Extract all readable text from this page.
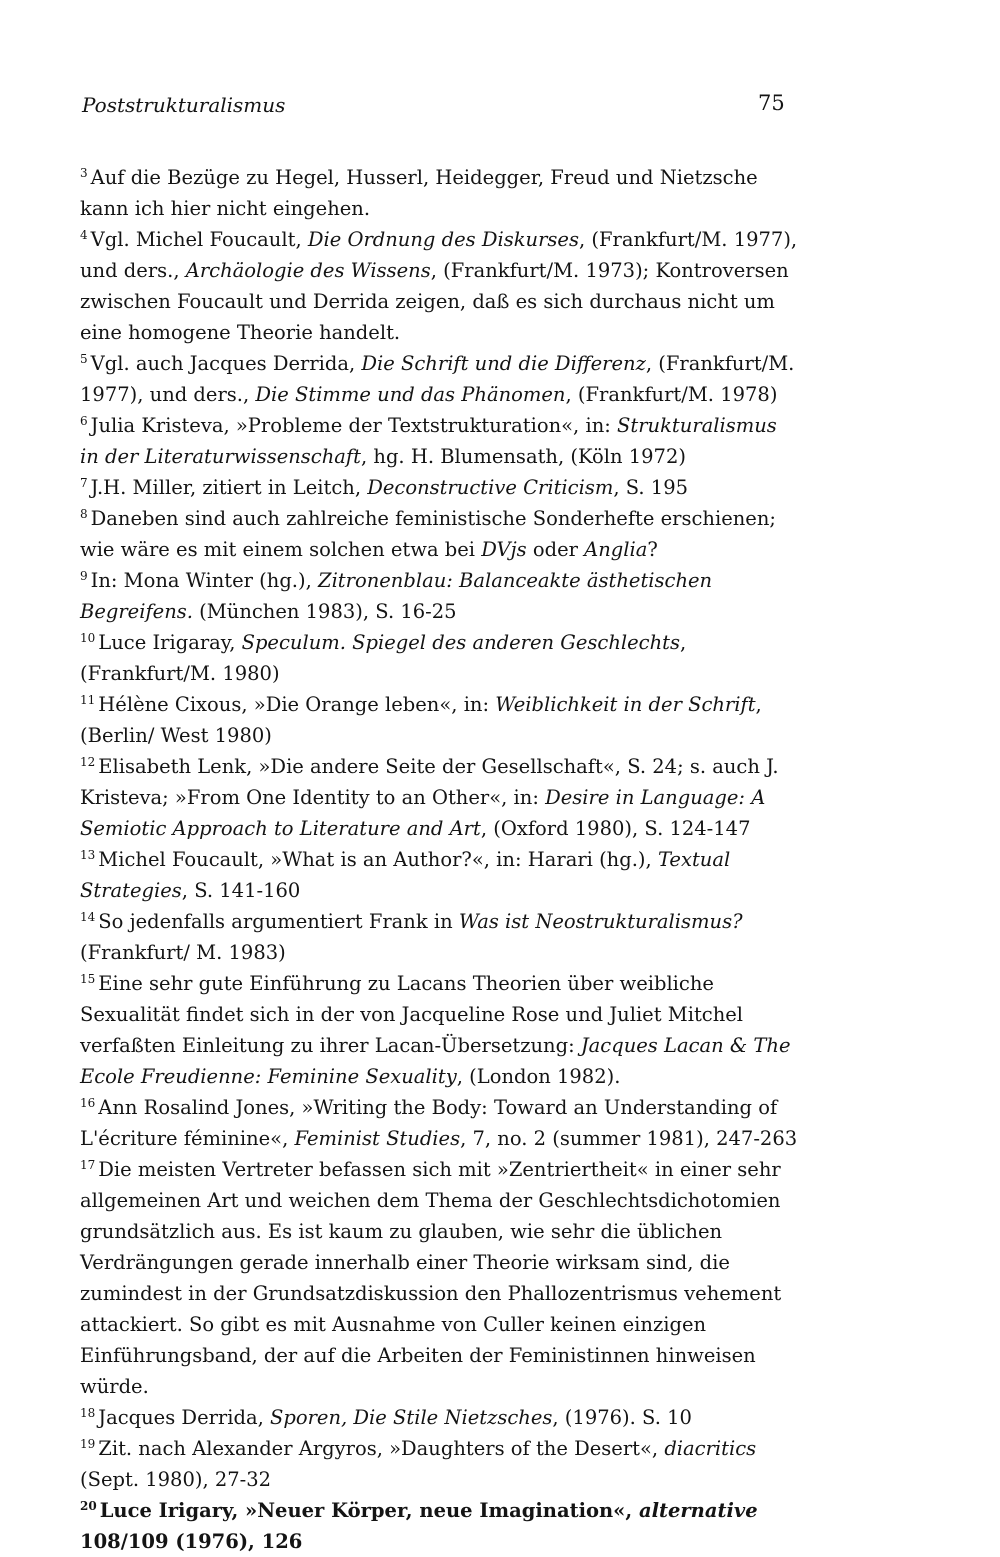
Poststrukturalismus	75

$^3$ Auf die Bezüge zu Hegel, Husserl, Heidegger, Freud und Nietzsche kann ich hier nicht eingehen.

$^4$ Vgl. Michel Foucault, Die Ordnung des Diskurses, (Frankfurt/M. 1977), und ders., Archäologie des Wissens, (Frankfurt/M. 1973); Kontroversen zwischen Foucault und Derrida zeigen, daß es sich durchaus nicht um eine homogene Theorie handelt.

$^5$ Vgl. auch Jacques Derrida, Die Schrift und die Differenz, (Frankfurt/M. 1977), und ders., Die Stimme und das Phänomen, (Frankfurt/M. 1978)

$^6$ Julia Kristeva, »Probleme der Textstrukturation«, in: Strukturalismus in der Literaturwissenschaft, hg. H. Blumensath, (Köln 1972)

$^7$ J.H. Miller, zitiert in Leitch, Deconstructive Criticism, S. 195

$^8$ Daneben sind auch zahlreiche feministische Sonderhefte erschienen; wie wäre es mit einem solchen etwa bei DVjs oder Anglia?

$^9$ In: Mona Winter (hg.), Zitronenblau: Balanceakte ästhetischen Begreifens. (München 1983), S. 16-25

$^{10}$ Luce Irigaray, Speculum. Spiegel des anderen Geschlechts, (Frankfurt/M. 1980)

$^{11}$ Hélène Cixous, »Die Orange leben«, in: Weiblichkeit in der Schrift, (Berlin/ West 1980)

$^{12}$ Elisabeth Lenk, »Die andere Seite der Gesellschaft«, S. 24; s. auch J. Kristeva; »From One Identity to an Other«, in: Desire in Language: A Semiotic Approach to Literature and Art, (Oxford 1980), S. 124-147

$^{13}$ Michel Foucault, »What is an Author?«, in: Harari (hg.), Textual Strategies, S. 141-160

$^{14}$ So jedenfalls argumentiert Frank in Was ist Neostrukturalismus? (Frankfurt/ M. 1983)

$^{15}$ Eine sehr gute Einführung zu Lacans Theorien über weibliche Sexualität findet sich in der von Jacqueline Rose und Juliet Mitchel verfaßten Einleitung zu ihrer Lacan-Übersetzung: Jacques Lacan & The Ecole Freudienne: Feminine Sexuality, (London 1982).

$^{16}$ Ann Rosalind Jones, »Writing the Body: Toward an Understanding of L'écriture féminine«, Feminist Studies, 7, no. 2 (summer 1981), 247-263

$^{17}$ Die meisten Vertreter befassen sich mit »Zentriertheit« in einer sehr allgemeinen Art und weichen dem Thema der Geschlechtsdichotomien grundsätzlich aus. Es ist kaum zu glauben, wie sehr die üblichen Verdrängungen gerade innerhalb einer Theorie wirksam sind, die zumindest in der Grundsatzdiskussion den Phallozentrismus vehement attackiert. So gibt es mit Ausnahme von Culler keinen einzigen Einführungsband, der auf die Arbeiten der Feministinnen hinweisen würde.

$^{18}$ Jacques Derrida, Sporen, Die Stile Nietzsches, (1976). S. 10

$^{19}$ Zit. nach Alexander Argyros, »Daughters of the Desert«, diacritics (Sept. 1980), 27-32

$^{20}$ Luce Irigary, »Neuer Körper, neue Imagination«, alternative 108/109 (1976), 126
